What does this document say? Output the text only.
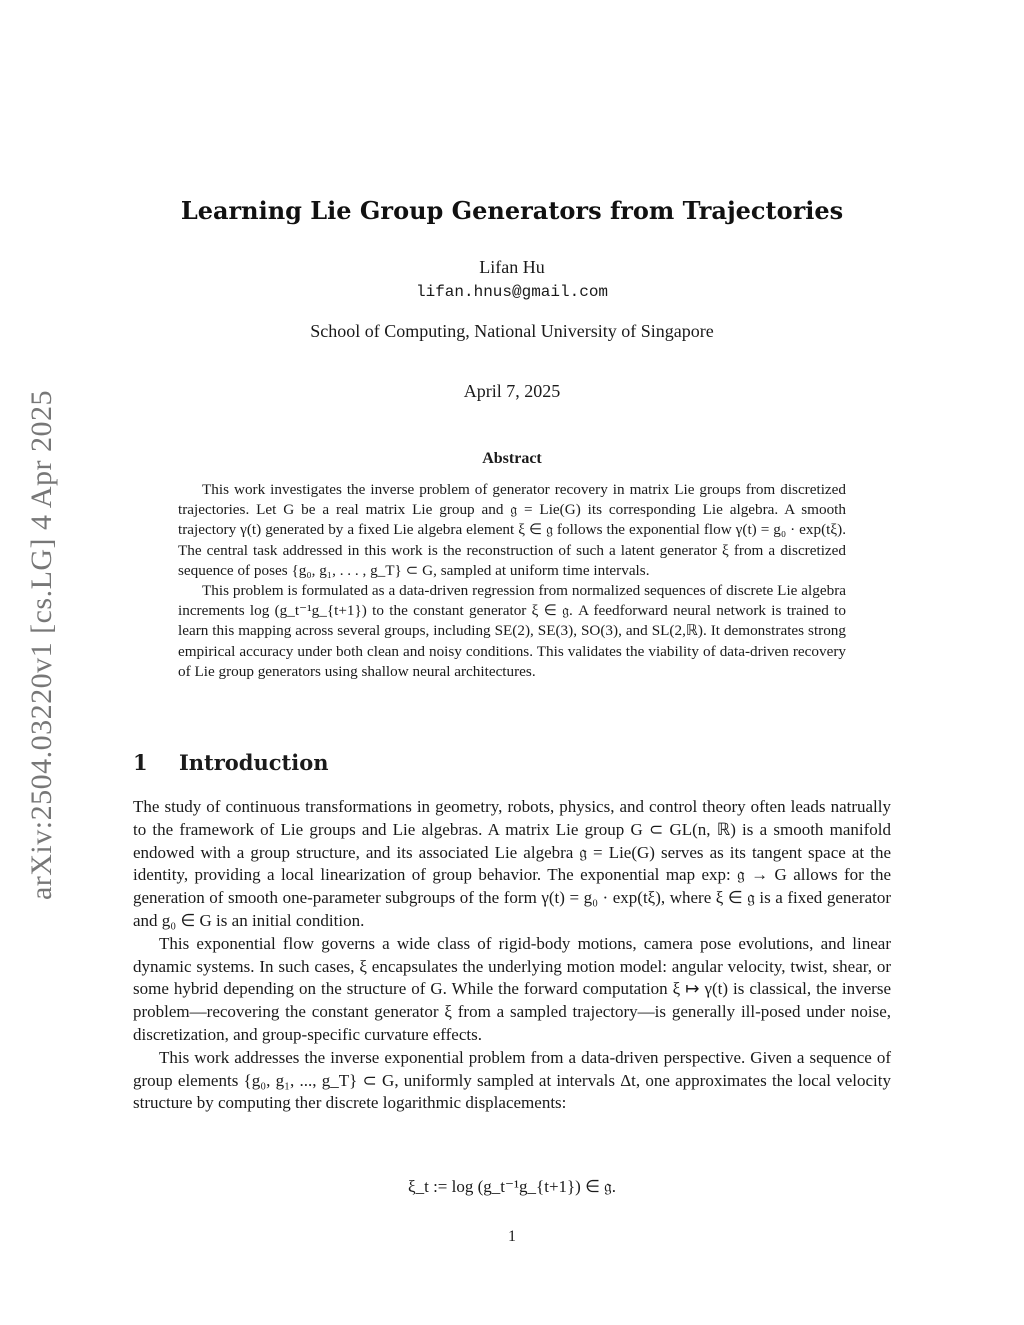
arXiv:2504.03220v1 [cs.LG] 4 Apr 2025
Learning Lie Group Generators from Trajectories
Lifan Hu
lifan.hnus@gmail.com
School of Computing, National University of Singapore
April 7, 2025
Abstract

This work investigates the inverse problem of generator recovery in matrix Lie groups from discretized trajectories. Let G be a real matrix Lie group and 𝔤 = Lie(G) its corresponding Lie algebra. A smooth trajectory γ(t) generated by a fixed Lie algebra element ξ ∈ 𝔤 follows the exponential flow γ(t) = g₀ · exp(tξ). The central task addressed in this work is the reconstruction of such a latent generator ξ from a discretized sequence of poses {g₀, g₁, . . . , g_T} ⊂ G, sampled at uniform time intervals.

This problem is formulated as a data-driven regression from normalized sequences of discrete Lie algebra increments log (g_t⁻¹g_{t+1}) to the constant generator ξ ∈ 𝔤. A feedforward neural network is trained to learn this mapping across several groups, including SE(2), SE(3), SO(3), and SL(2,ℝ). It demonstrates strong empirical accuracy under both clean and noisy conditions. This validates the viability of data-driven recovery of Lie group generators using shallow neural architectures.

1 Introduction

The study of continuous transformations in geometry, robots, physics, and control theory often leads natrually to the framework of Lie groups and Lie algebras. A matrix Lie group G ⊂ GL(n, ℝ) is a smooth manifold endowed with a group structure, and its associated Lie algebra 𝔤 = Lie(G) serves as its tangent space at the identity, providing a local linearization of group behavior. The exponential map exp: 𝔤 → G allows for the generation of smooth one-parameter subgroups of the form γ(t) = g₀ · exp(tξ), where ξ ∈ 𝔤 is a fixed generator and g₀ ∈ G is an initial condition.

This exponential flow governs a wide class of rigid-body motions, camera pose evolutions, and linear dynamic systems. In such cases, ξ encapsulates the underlying motion model: angular velocity, twist, shear, or some hybrid depending on the structure of G. While the forward computation ξ ↦ γ(t) is classical, the inverse problem—recovering the constant generator ξ from a sampled trajectory—is generally ill-posed under noise, discretization, and group-specific curvature effects.

This work addresses the inverse exponential problem from a data-driven perspective. Given a sequence of group elements {g₀, g₁, ..., g_T} ⊂ G, uniformly sampled at intervals Δt, one approximates the local velocity structure by computing ther discrete logarithmic displacements:

ξ_t := log (g_t⁻¹g_{t+1}) ∈ 𝔤.
1
